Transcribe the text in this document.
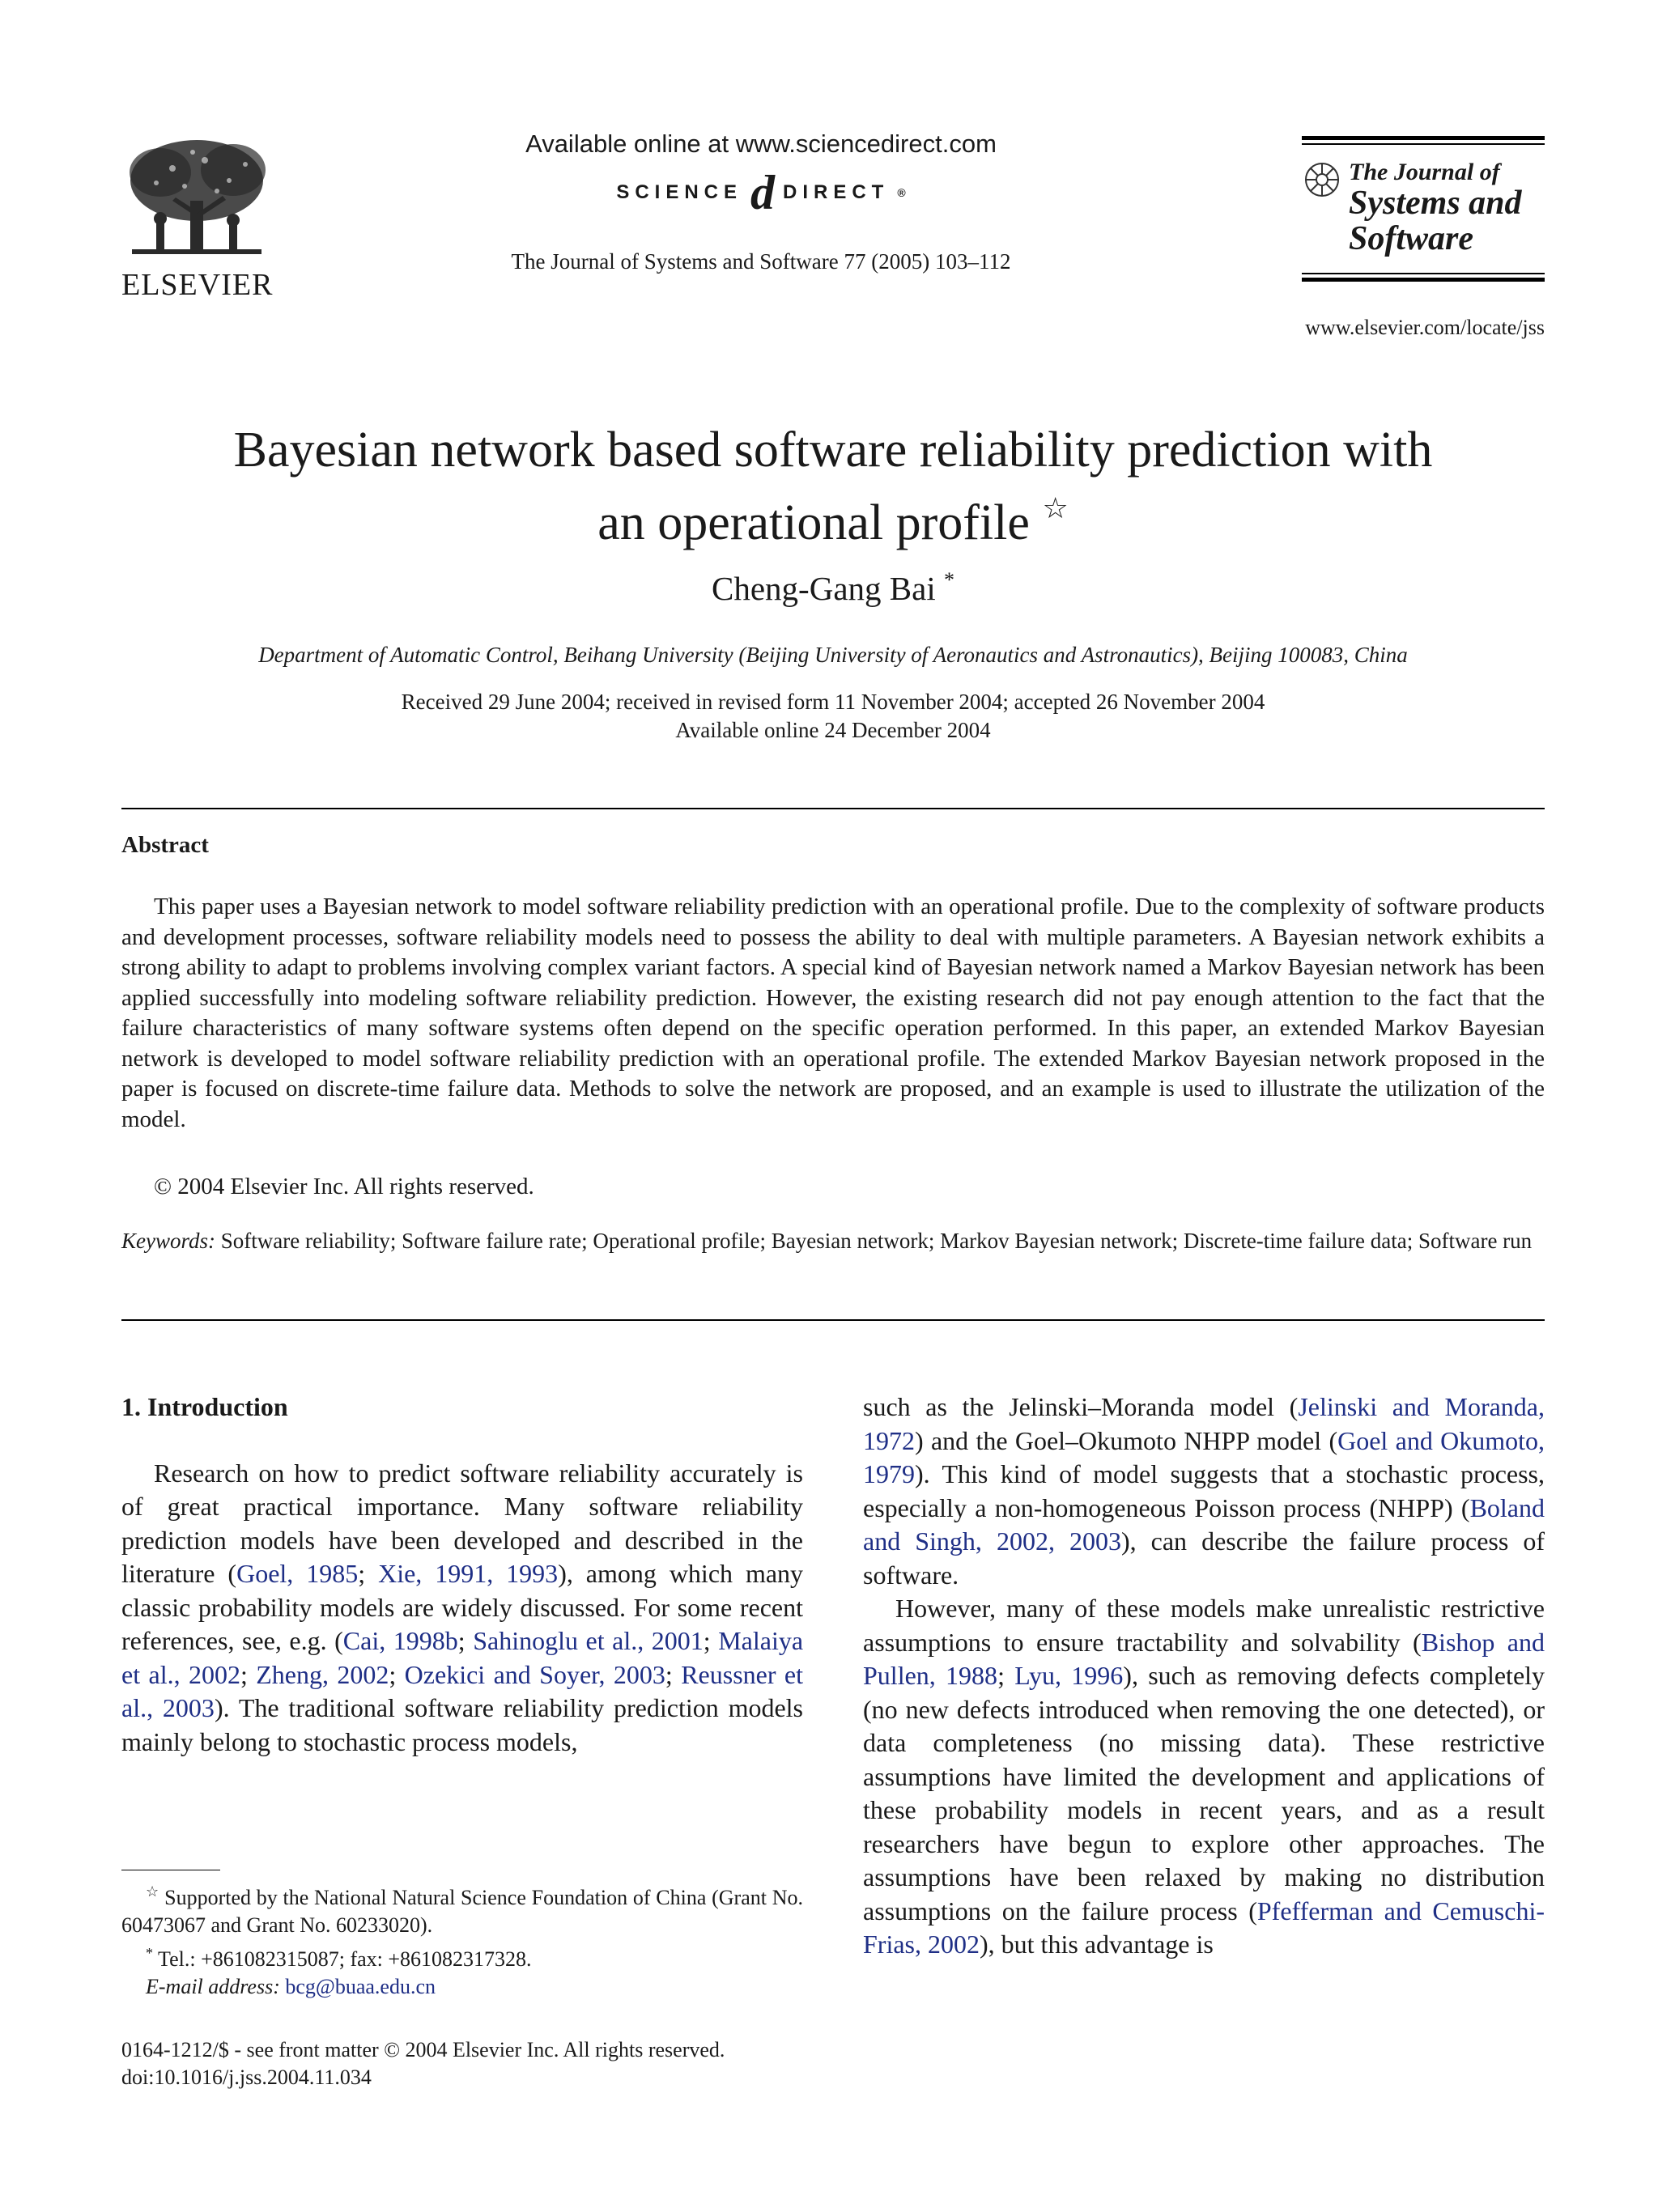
ELSEVIER
Available online at www.sciencedirect.com
SCIENCE d DIRECT ®
The Journal of Systems and Software 77 (2005) 103–112
The Journal of
Systems and
Software
www.elsevier.com/locate/jss
Bayesian network based software reliability prediction with
an operational profile ☆
Cheng-Gang Bai *
Department of Automatic Control, Beihang University (Beijing University of Aeronautics and Astronautics), Beijing 100083, China
Received 29 June 2004; received in revised form 11 November 2004; accepted 26 November 2004
Available online 24 December 2004
Abstract
This paper uses a Bayesian network to model software reliability prediction with an operational profile. Due to the complexity of software products and development processes, software reliability models need to possess the ability to deal with multiple parameters. A Bayesian network exhibits a strong ability to adapt to problems involving complex variant factors. A special kind of Bayesian network named a Markov Bayesian network has been applied successfully into modeling software reliability prediction. However, the existing research did not pay enough attention to the fact that the failure characteristics of many software systems often depend on the specific operation performed. In this paper, an extended Markov Bayesian network is developed to model software reliability prediction with an operational profile. The extended Markov Bayesian network proposed in the paper is focused on discrete-time failure data. Methods to solve the network are proposed, and an example is used to illustrate the utilization of the model.
© 2004 Elsevier Inc. All rights reserved.
Keywords: Software reliability; Software failure rate; Operational profile; Bayesian network; Markov Bayesian network; Discrete-time failure data; Software run
1. Introduction

Research on how to predict software reliability accurately is of great practical importance. Many software reliability prediction models have been developed and described in the literature (Goel, 1985; Xie, 1991, 1993), among which many classic probability models are widely discussed. For some recent references, see, e.g. (Cai, 1998b; Sahinoglu et al., 2001; Malaiya et al., 2002; Zheng, 2002; Ozekici and Soyer, 2003; Reussner et al., 2003). The traditional software reliability prediction models mainly belong to stochastic process models,

☆ Supported by the National Natural Science Foundation of China (Grant No. 60473067 and Grant No. 60233020).

* Tel.: +861082315087; fax: +861082317328.

E-mail address: bcg@buaa.edu.cn

0164-1212/$ - see front matter © 2004 Elsevier Inc. All rights reserved.
doi:10.1016/j.jss.2004.11.034

such as the Jelinski–Moranda model (Jelinski and Moranda, 1972) and the Goel–Okumoto NHPP model (Goel and Okumoto, 1979). This kind of model suggests that a stochastic process, especially a non-homogeneous Poisson process (NHPP) (Boland and Singh, 2002, 2003), can describe the failure process of software.

However, many of these models make unrealistic restrictive assumptions to ensure tractability and solvability (Bishop and Pullen, 1988; Lyu, 1996), such as removing defects completely (no new defects introduced when removing the one detected), or data completeness (no missing data). These restrictive assumptions have limited the development and applications of these probability models in recent years, and as a result researchers have begun to explore other approaches. The assumptions have been relaxed by making no distribution assumptions on the failure process (Pfefferman and Cemuschi-Frias, 2002), but this advantage is
